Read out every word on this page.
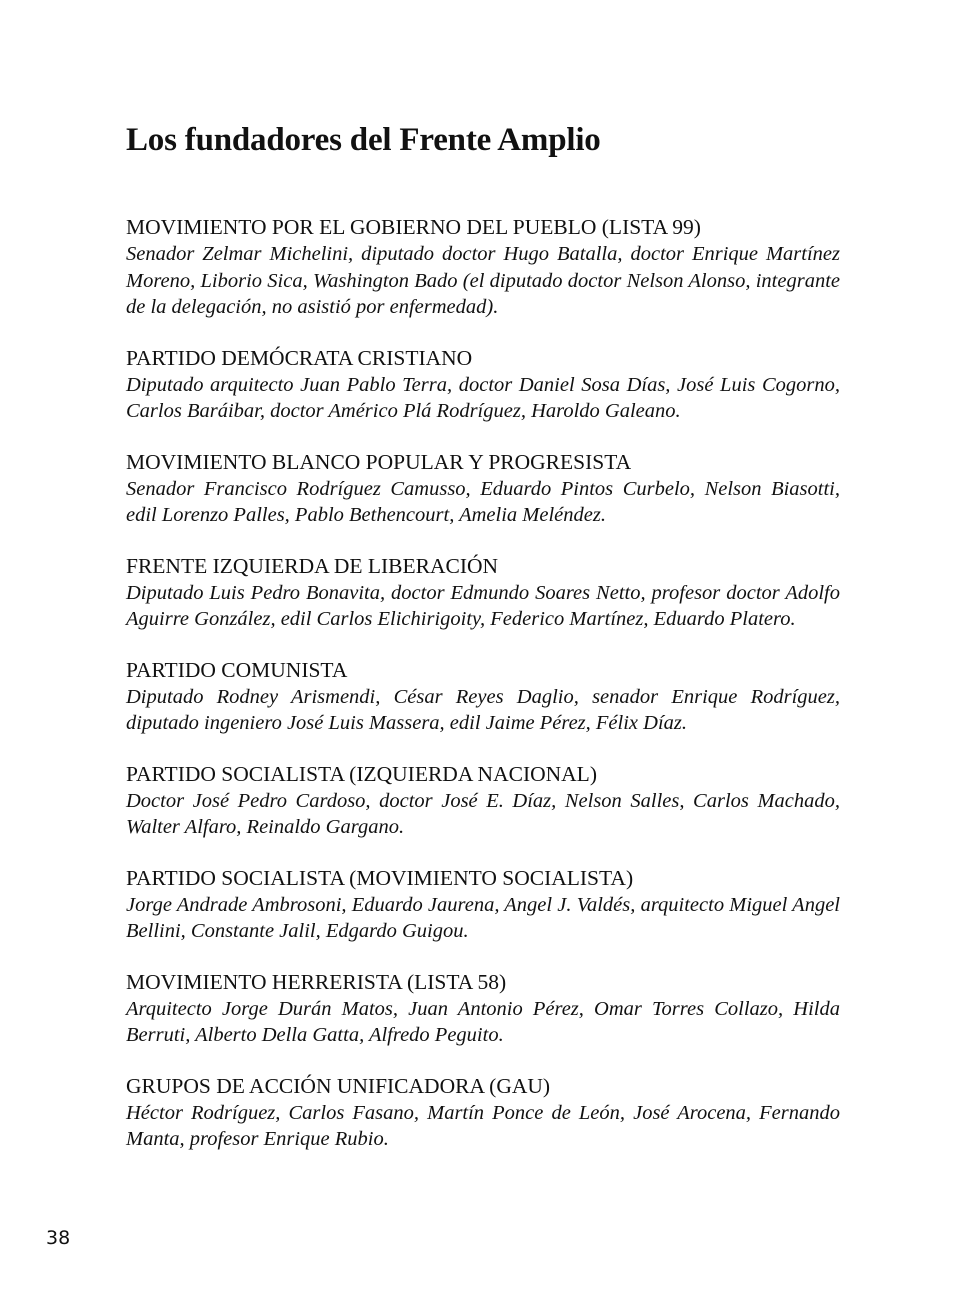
Los fundadores del Frente Amplio

MOVIMIENTO POR EL GOBIERNO DEL PUEBLO (LISTA 99)

Senador Zelmar Michelini, diputado doctor Hugo Batalla, doctor Enrique Martínez Moreno, Liborio Sica, Washington Bado (el diputado doctor Nelson Alonso, integrante de la delegación, no asistió por enfermedad).

PARTIDO DEMÓCRATA CRISTIANO

Diputado arquitecto Juan Pablo Terra, doctor Daniel Sosa Días, José Luis Cogorno, Carlos Baráibar, doctor Américo Plá Rodríguez, Haroldo Galeano.

MOVIMIENTO BLANCO POPULAR Y PROGRESISTA

Senador Francisco Rodríguez Camusso, Eduardo Pintos Curbelo, Nelson Biasotti, edil Lorenzo Palles, Pablo Bethencourt, Amelia Meléndez.

FRENTE IZQUIERDA DE LIBERACIÓN

Diputado Luis Pedro Bonavita, doctor Edmundo Soares Netto, profesor doctor Adolfo Aguirre González, edil Carlos Elichirigoity, Federico Martínez, Eduardo Platero.

PARTIDO COMUNISTA

Diputado Rodney Arismendi, César Reyes Daglio, senador Enrique Rodríguez, diputado ingeniero José Luis Massera, edil Jaime Pérez, Félix Díaz.

PARTIDO SOCIALISTA (IZQUIERDA NACIONAL)

Doctor José Pedro Cardoso, doctor José E. Díaz, Nelson Salles, Carlos Machado, Walter Alfaro, Reinaldo Gargano.

PARTIDO SOCIALISTA (MOVIMIENTO SOCIALISTA)

Jorge Andrade Ambrosoni, Eduardo Jaurena, Angel J. Valdés, arquitecto Miguel Angel Bellini, Constante Jalil, Edgardo Guigou.

MOVIMIENTO HERRERISTA (LISTA 58)

Arquitecto Jorge Durán Matos, Juan Antonio Pérez, Omar Torres Collazo, Hilda Berruti, Alberto Della Gatta, Alfredo Peguito.

GRUPOS DE ACCIÓN UNIFICADORA (GAU)

Héctor Rodríguez, Carlos Fasano, Martín Ponce de León, José Arocena, Fernando Manta, profesor Enrique Rubio.

38
